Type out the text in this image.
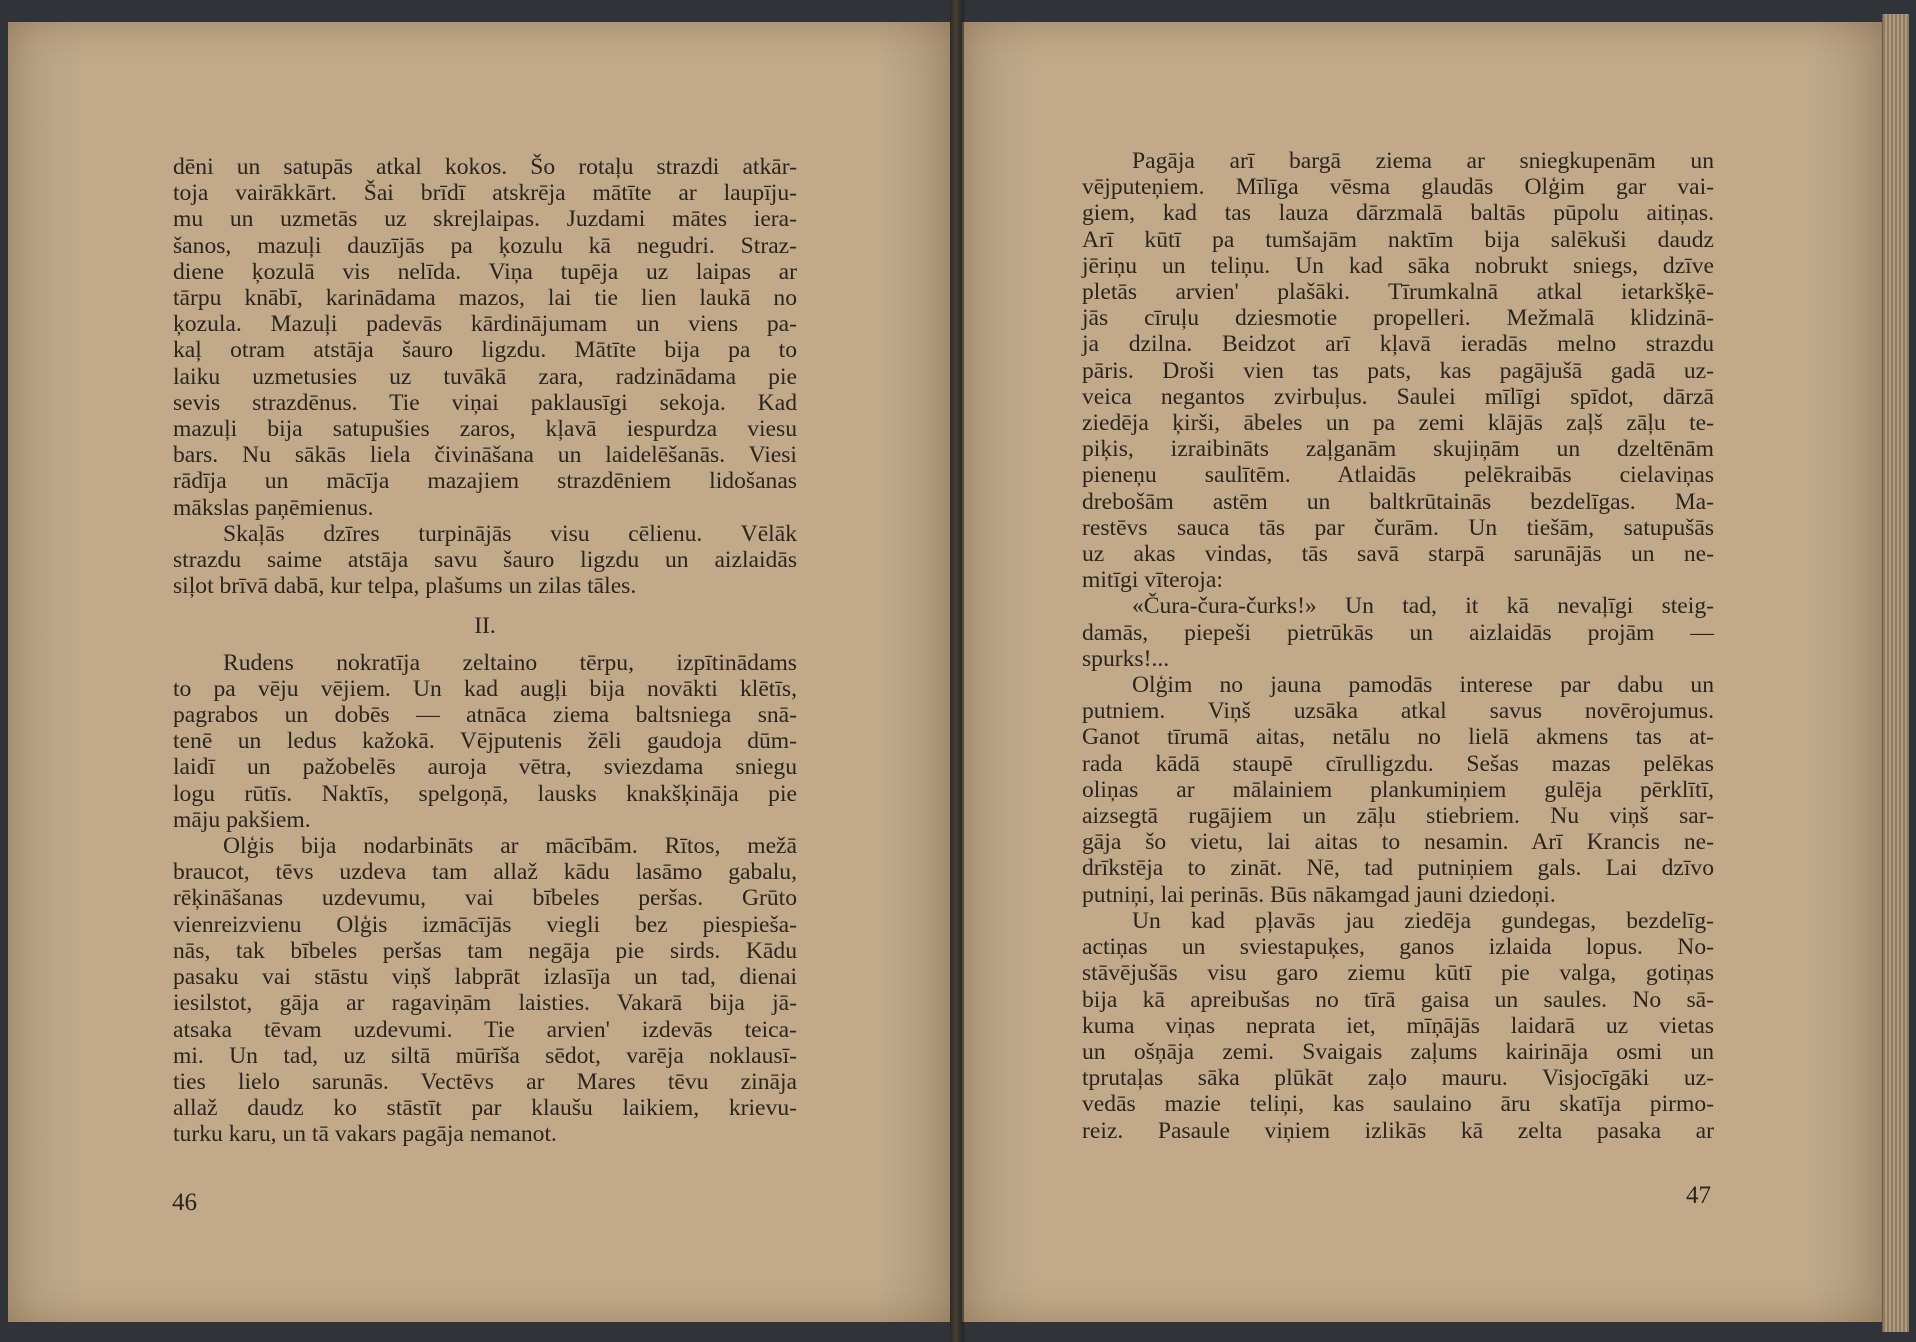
dēni un satupās atkal kokos. Šo rotaļu strazdi atkār-
toja vairākkārt. Šai brīdī atskrēja mātīte ar laupīju-
mu un uzmetās uz skrejlaipas. Juzdami mātes iera-
šanos, mazuļi dauzījās pa ķozulu kā negudri. Straz-
diene ķozulā vis nelīda. Viņa tupēja uz laipas ar
tārpu knābī, karinādama mazos, lai tie lien laukā no
ķozula. Mazuļi padevās kārdinājumam un viens pa-
kaļ otram atstāja šauro ligzdu. Mātīte bija pa to
laiku uzmetusies uz tuvākā zara, radzinādama pie
sevis strazdēnus. Tie viņai paklausīgi sekoja. Kad
mazuļi bija satupušies zaros, kļavā iespurdza viesu
bars. Nu sākās liela čivināšana un laidelēšanās. Viesi
rādīja un mācīja mazajiem strazdēniem lidošanas
mākslas paņēmienus.
Skaļās dzīres turpinājās visu cēlienu. Vēlāk
strazdu saime atstāja savu šauro ligzdu un aizlaidās
siļot brīvā dabā, kur telpa, plašums un zilas tāles.
II.
Rudens nokratīja zeltaino tērpu, izpītinādams
to pa vēju vējiem. Un kad augļi bija novākti klētīs,
pagrabos un dobēs — atnāca ziema baltsniega snā-
tenē un ledus kažokā. Vējputenis žēli gaudoja dūm-
laidī un pažobelēs auroja vētra, sviezdama sniegu
logu rūtīs. Naktīs, spelgoņā, lausks knakšķināja pie
māju pakšiem.
Olģis bija nodarbināts ar mācībām. Rītos, mežā
braucot, tēvs uzdeva tam allaž kādu lasāmo gabalu,
rēķināšanas uzdevumu, vai bībeles peršas. Grūto
vienreizvienu Olģis izmācījās viegli bez piespieša-
nās, tak bībeles peršas tam negāja pie sirds. Kādu
pasaku vai stāstu viņš labprāt izlasīja un tad, dienai
iesilstot, gāja ar ragaviņām laisties. Vakarā bija jā-
atsaka tēvam uzdevumi. Tie arvien' izdevās teica-
mi. Un tad, uz siltā mūrīša sēdot, varēja noklausī-
ties lielo sarunās. Vectēvs ar Mares tēvu zināja
allaž daudz ko stāstīt par klaušu laikiem, krievu-
turku karu, un tā vakars pagāja nemanot.
46
Pagāja arī bargā ziema ar sniegkupenām un
vējputeņiem. Mīlīga vēsma glaudās Olģim gar vai-
giem, kad tas lauza dārzmalā baltās pūpolu aitiņas.
Arī kūtī pa tumšajām naktīm bija salēkuši daudz
jēriņu un teliņu. Un kad sāka nobrukt sniegs, dzīve
pletās arvien' plašāki. Tīrumkalnā atkal ietarkšķē-
jās cīruļu dziesmotie propelleri. Mežmalā klidzinā-
ja dzilna. Beidzot arī kļavā ieradās melno strazdu
pāris. Droši vien tas pats, kas pagājušā gadā uz-
veica negantos zvirbuļus. Saulei mīlīgi spīdot, dārzā
ziedēja ķirši, ābeles un pa zemi klājās zaļš zāļu te-
piķis, izraibināts zaļganām skujiņām un dzeltēnām
pieneņu saulītēm. Atlaidās pelēkraibās cielaviņas
drebošām astēm un baltkrūtainās bezdelīgas. Ma-
restēvs sauca tās par čurām. Un tiešām, satupušās
uz akas vindas, tās savā starpā sarunājās un ne-
mitīgi vīteroja:
«Čura-čura-čurks!» Un tad, it kā nevaļīgi steig-
damās, piepeši pietrūkās un aizlaidās projām —
spurks!...
Olģim no jauna pamodās interese par dabu un
putniem. Viņš uzsāka atkal savus novērojumus.
Ganot tīrumā aitas, netālu no lielā akmens tas at-
rada kādā staupē cīrulligzdu. Sešas mazas pelēkas
oliņas ar mālainiem plankumiņiem gulēja pērklītī,
aizsegtā rugājiem un zāļu stiebriem. Nu viņš sar-
gāja šo vietu, lai aitas to nesamin. Arī Krancis ne-
drīkstēja to zināt. Nē, tad putniņiem gals. Lai dzīvo
putniņi, lai perinās. Būs nākamgad jauni dziedoņi.
Un kad pļavās jau ziedēja gundegas, bezdelīg-
actiņas un sviestapuķes, ganos izlaida lopus. No-
stāvējušās visu garo ziemu kūtī pie valga, gotiņas
bija kā apreibušas no tīrā gaisa un saules. No sā-
kuma viņas neprata iet, mīņājās laidarā uz vietas
un ošņāja zemi. Svaigais zaļums kairināja osmi un
tprutaļas sāka plūkāt zaļo mauru. Visjocīgāki uz-
vedās mazie teliņi, kas saulaino āru skatīja pirmo-
reiz. Pasaule viņiem izlikās kā zelta pasaka ar
47
